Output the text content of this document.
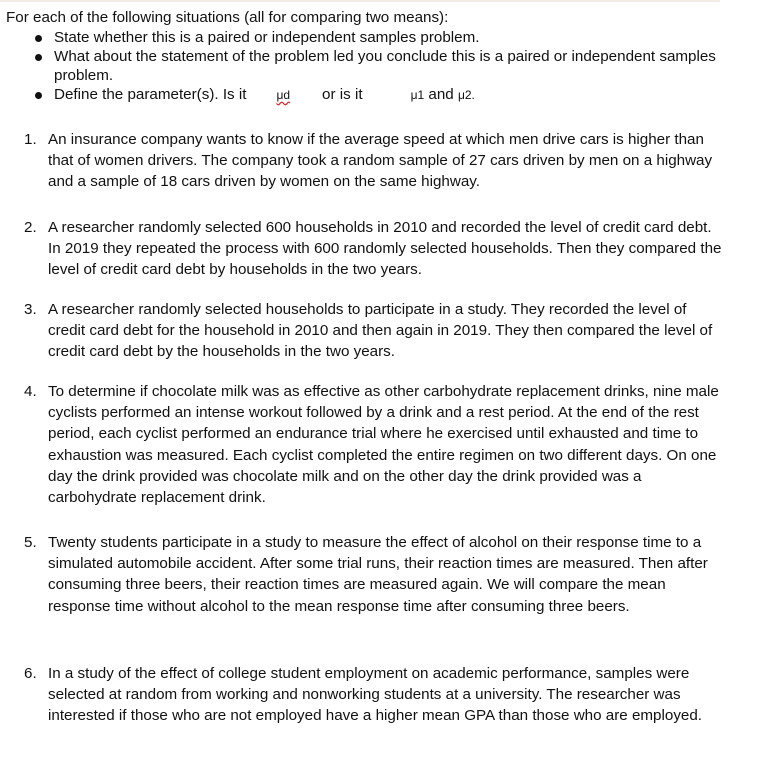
For each of the following situations (all for comparing two means):

State whether this is a paired or independent samples problem.
What about the statement of the problem led you conclude this is a paired or independent samples problem.
Define the parameter(s). Is it	μd or is it	μ1 and μ2.
1. An insurance company wants to know if the average speed at which men drive cars is higher than that of women drivers. The company took a random sample of 27 cars driven by men on a highway and a sample of 18 cars driven by women on the same highway.
2. A researcher randomly selected 600 households in 2010 and recorded the level of credit card debt. In 2019 they repeated the process with 600 randomly selected households. Then they compared the level of credit card debt by households in the two years.
3. A researcher randomly selected households to participate in a study. They recorded the level of credit card debt for the household in 2010 and then again in 2019. They then compared the level of credit card debt by the households in the two years.
4. To determine if chocolate milk was as effective as other carbohydrate replacement drinks, nine male cyclists performed an intense workout followed by a drink and a rest period. At the end of the rest period, each cyclist performed an endurance trial where he exercised until exhausted and time to exhaustion was measured. Each cyclist completed the entire regimen on two different days. On one day the drink provided was chocolate milk and on the other day the drink provided was a carbohydrate replacement drink.
5. Twenty students participate in a study to measure the effect of alcohol on their response time to a simulated automobile accident. After some trial runs, their reaction times are measured. Then after consuming three beers, their reaction times are measured again. We will compare the mean response time without alcohol to the mean response time after consuming three beers.
6. In a study of the effect of college student employment on academic performance, samples were selected at random from working and nonworking students at a university. The researcher was interested if those who are not employed have a higher mean GPA than those who are employed.
